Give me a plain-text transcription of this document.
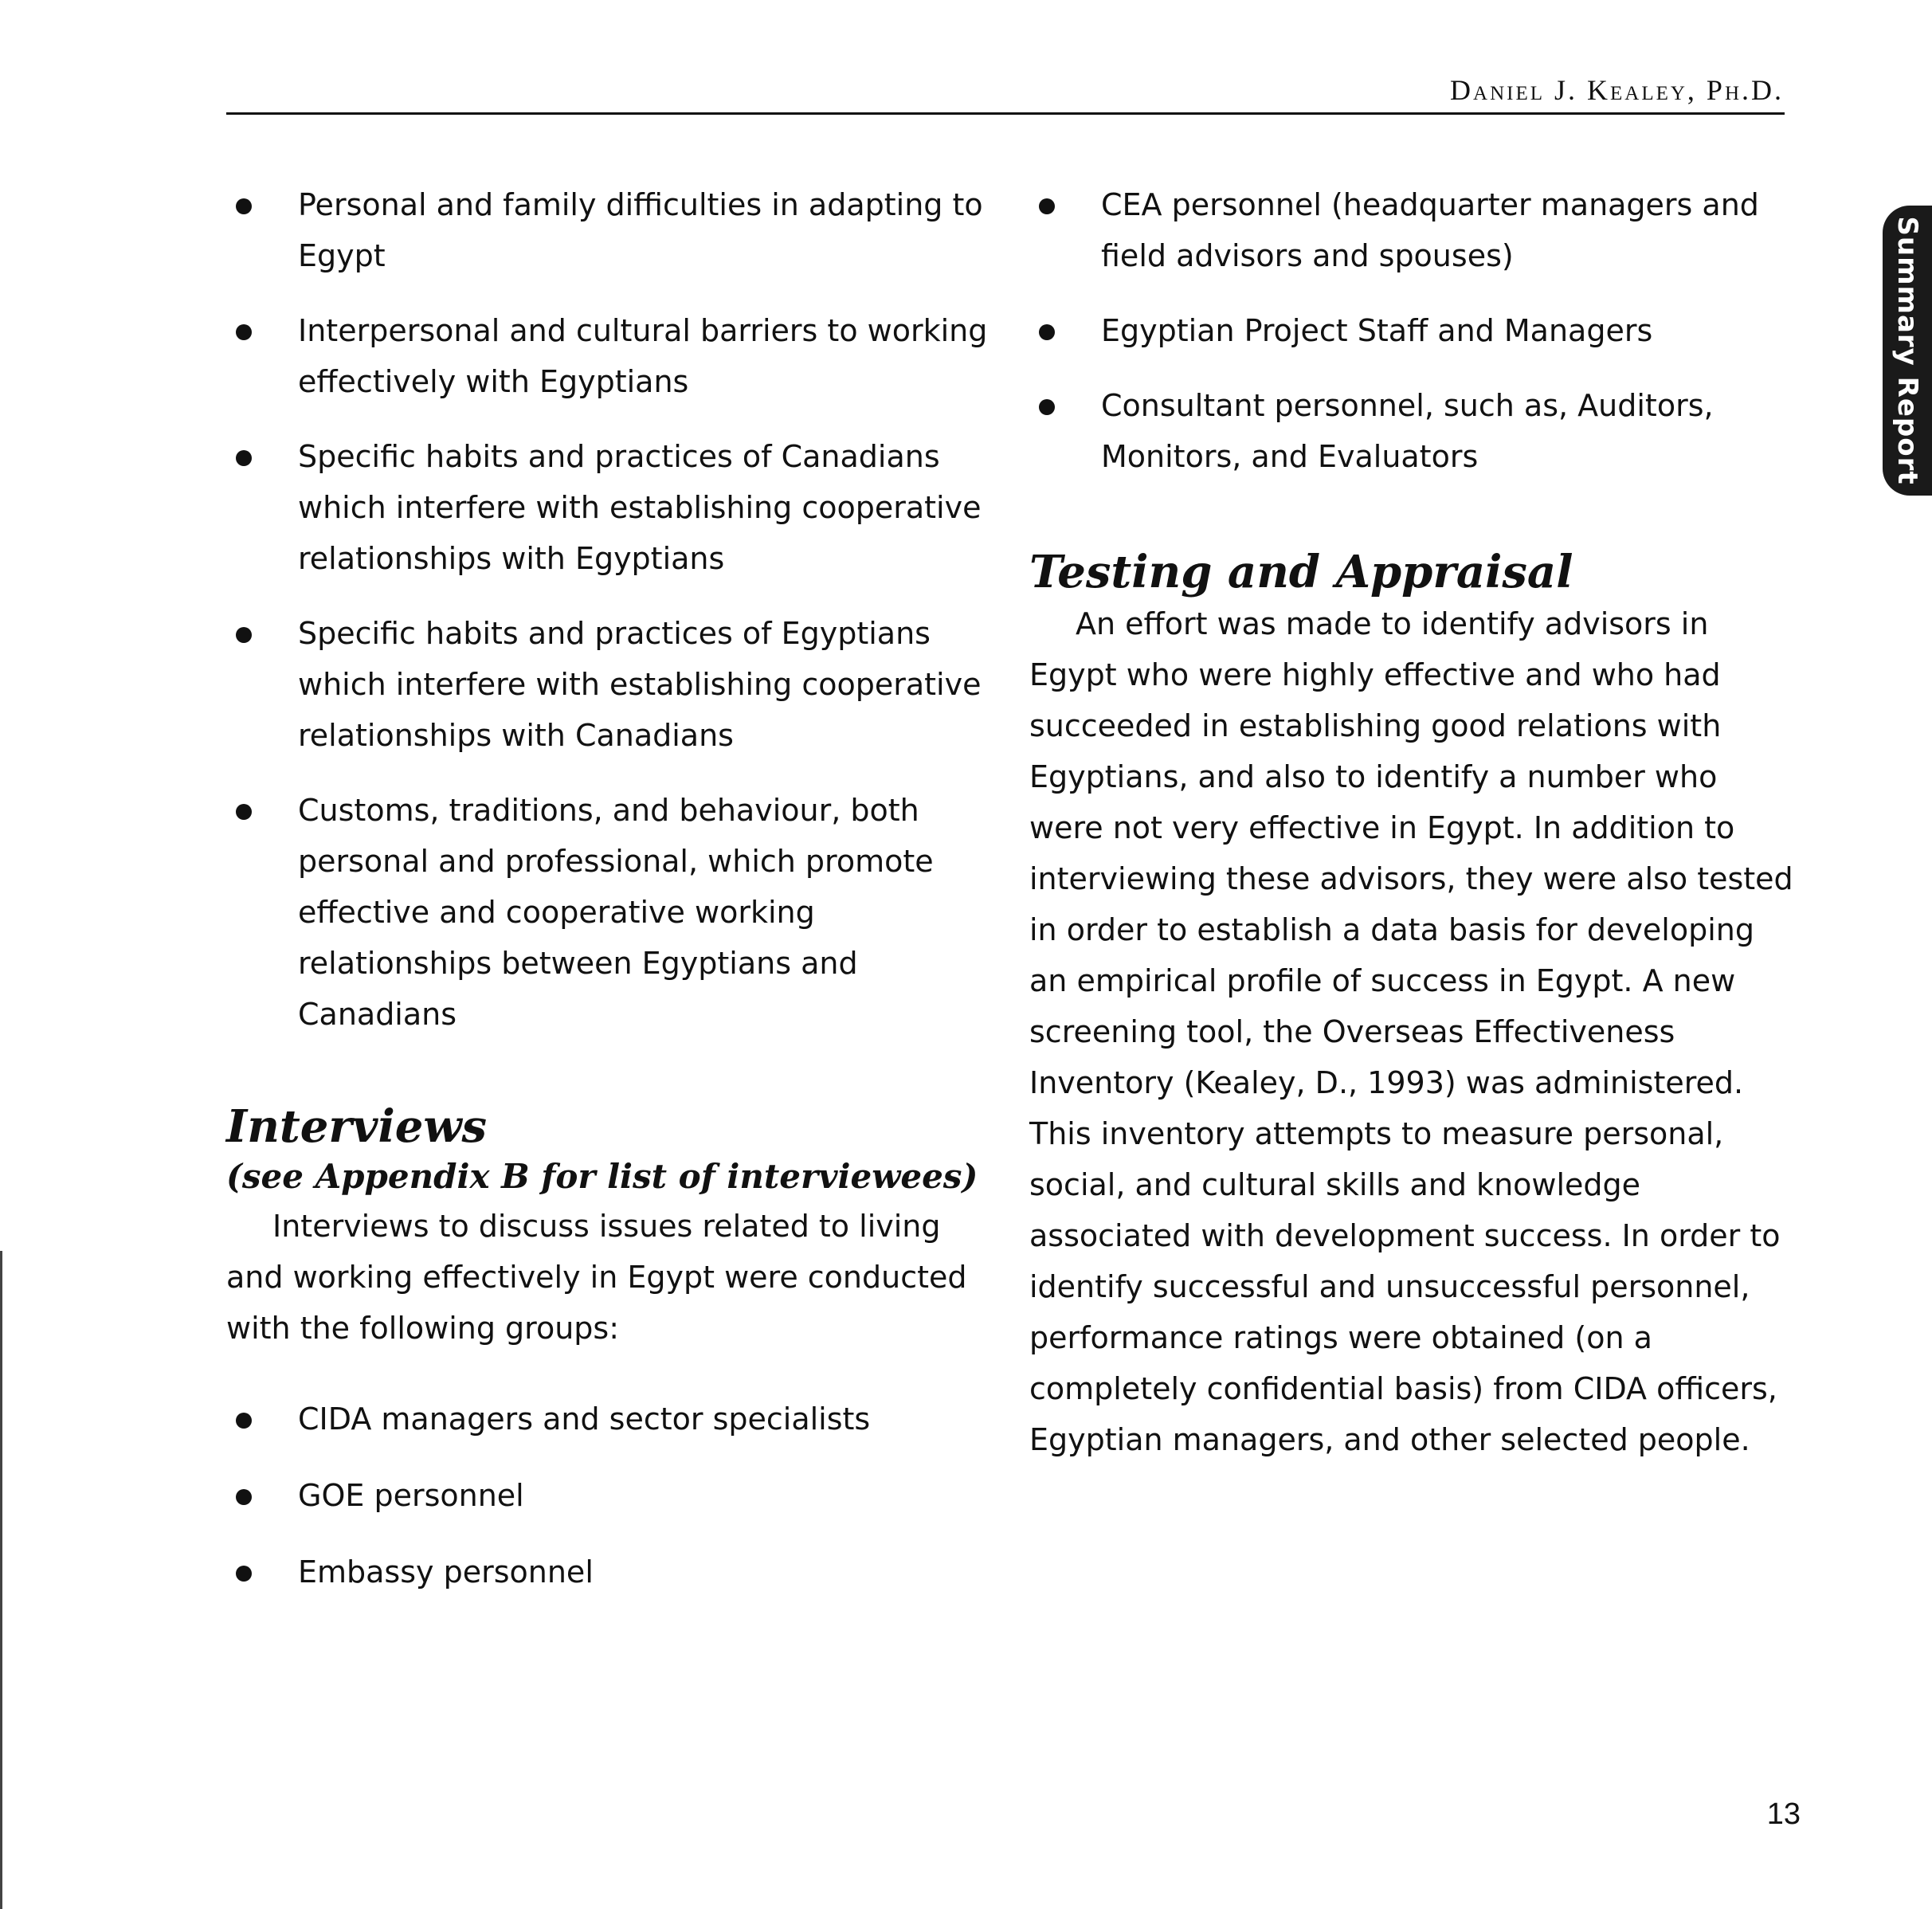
Daniel J. Kealey, Ph.D.
Summary Report
Personal and family difficulties in adapting to Egypt
Interpersonal and cultural barriers to working effectively with Egyptians
Specific habits and practices of Canadians which interfere with establishing cooperative relationships with Egyptians
Specific habits and practices of Egyptians which interfere with establishing cooperative relationships with Canadians
Customs, traditions, and behaviour, both personal and professional, which promote effective and cooperative working relationships between Egyptians and Canadians
Interviews
(see Appendix B for list of interviewees)

Interviews to discuss issues related to living and working effectively in Egypt were conducted with the following groups:

CIDA managers and sector specialists
GOE personnel
Embassy personnel
CEA personnel (headquarter managers and field advisors and spouses)
Egyptian Project Staff and Managers
Consultant personnel, such as, Auditors, Monitors, and Evaluators
Testing and Appraisal

An effort was made to identify advisors in Egypt who were highly effective and who had succeeded in establishing good relations with Egyptians, and also to identify a number who were not very effective in Egypt. In addition to interviewing these advisors, they were also tested in order to establish a data basis for developing an empirical profile of success in Egypt. A new screening tool, the Overseas Effectiveness Inventory (Kealey, D., 1993) was administered. This inventory attempts to measure personal, social, and cultural skills and knowledge associated with development success. In order to identify successful and unsuccessful personnel, performance ratings were obtained (on a completely confidential basis) from CIDA officers, Egyptian managers, and other selected people.

13
